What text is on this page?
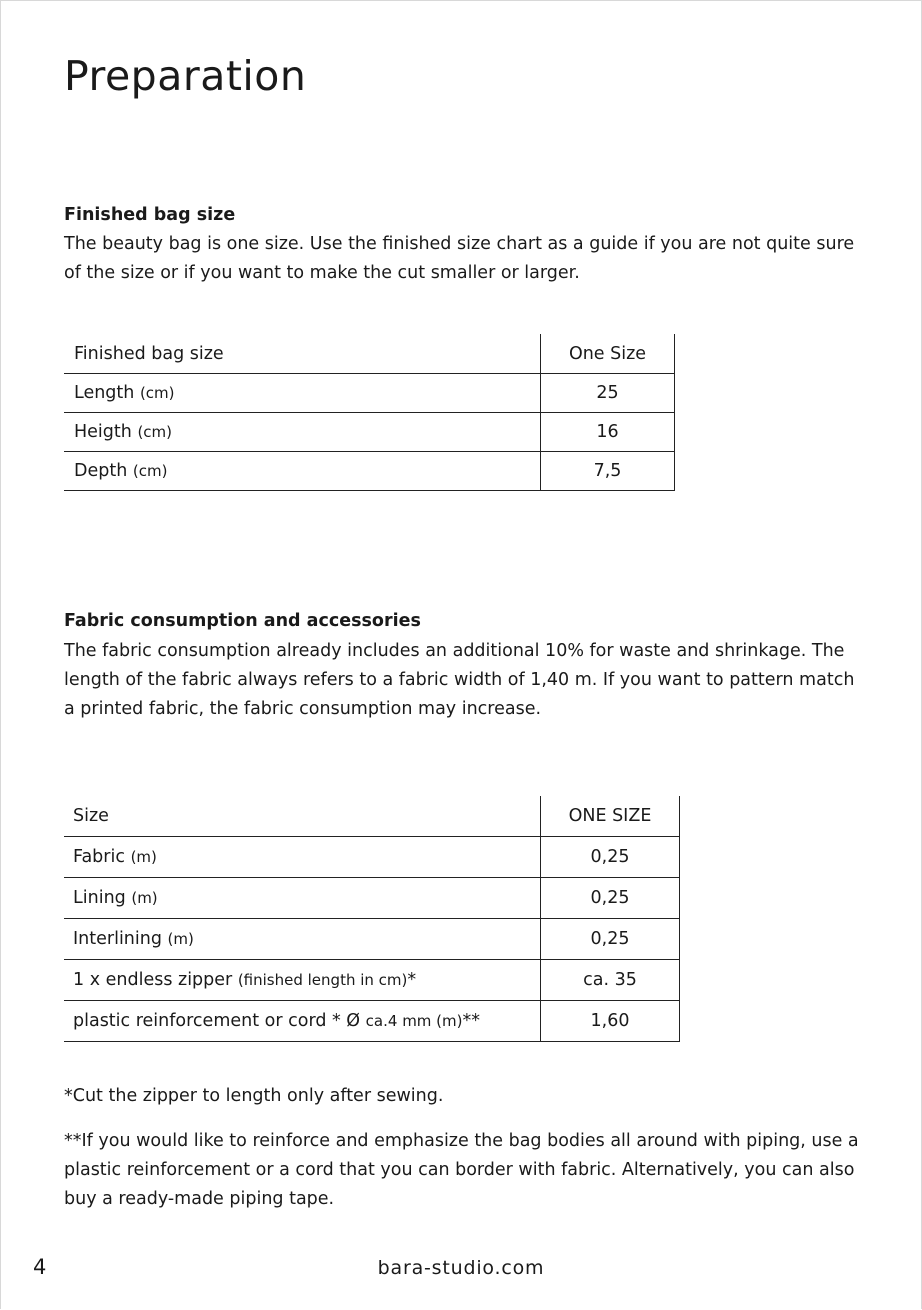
Preparation
Finished bag size

The beauty bag is one size. Use the finished size chart as a guide if you are not quite sure of the size or if you want to make the cut smaller or larger.

Finished bag size	One Size
Length (cm)	25
Heigth (cm)	16
Depth (cm)	7,5
Fabric consumption and accessories

The fabric consumption already includes an additional 10% for waste and shrinkage. The length of the fabric always refers to a fabric width of 1,40 m. If you want to pattern match a printed fabric, the fabric consumption may increase.

Size	ONE SIZE
Fabric (m)	0,25
Lining (m)	0,25
Interlining (m)	0,25
1 x endless zipper (finished length in cm)*	ca. 35
plastic reinforcement or cord * Ø ca.4 mm (m)**	1,60

*Cut the zipper to length only after sewing.

**If you would like to reinforce and emphasize the bag bodies all around with piping, use a plastic reinforcement or a cord that you can border with fabric. Alternatively, you can also buy a ready-made piping tape.

4	bara-studio.com
